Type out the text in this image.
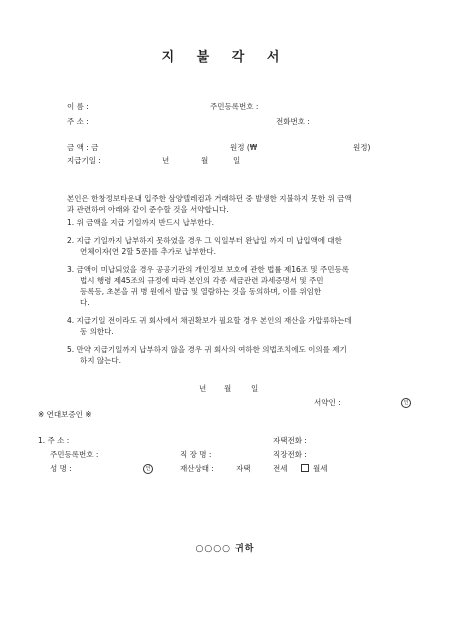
지 불 각 서
이 름 :	주민등록번호 :
주 소 :	전화번호 :
금 액 : 금	원정 (₩	원정)
지급기일 :	년	월	일
본인은 한창정보타운내 입주한 삼양텔레컴과 거래하던 중 발생한 지불하지 못한 위 금액
과 관련하여 아래와 같이 준수할 것을 서약합니다.
1. 위 금액을 지급 기일까지 반드시 납부한다.
2. 지급 기일까지 납부하지 못하였을 경우 그 익일부터 완납일 까지 미 납입액에 대한
연체이자(연 2할 5푼)를 추가로 납부한다.
3. 금액이 미납되었을 경우 공공기관의 개인정보 보호에 관한 법률 제16조 및 주민등록
법시 행령 제45조의 규정에 따라 본인의 각종 세금관련 과세증명서 및 주민
등록등, 초본을 귀 병 원에서 발급 및 열람하는 것을 동의하며, 이를 위임한
다.
4. 지급기일 전이라도 귀 회사에서 채권확보가 필요할 경우 본인의 재산을 가압류하는데
동 의한다.
5. 만약 지급기일까지 납부하지 않을 경우 귀 회사의 여하한 의법조치에도 이의를 제기
하지 않는다.
년 월	일
서약인 :	인
※ 연대보증인 ※
1. 주 소 :	자택전화 :
주민등록번호 :	직 장 명 :	직장전화 :
성 명 :	인	재산상태 :	자택	전세	월세
○○○○ 귀하
